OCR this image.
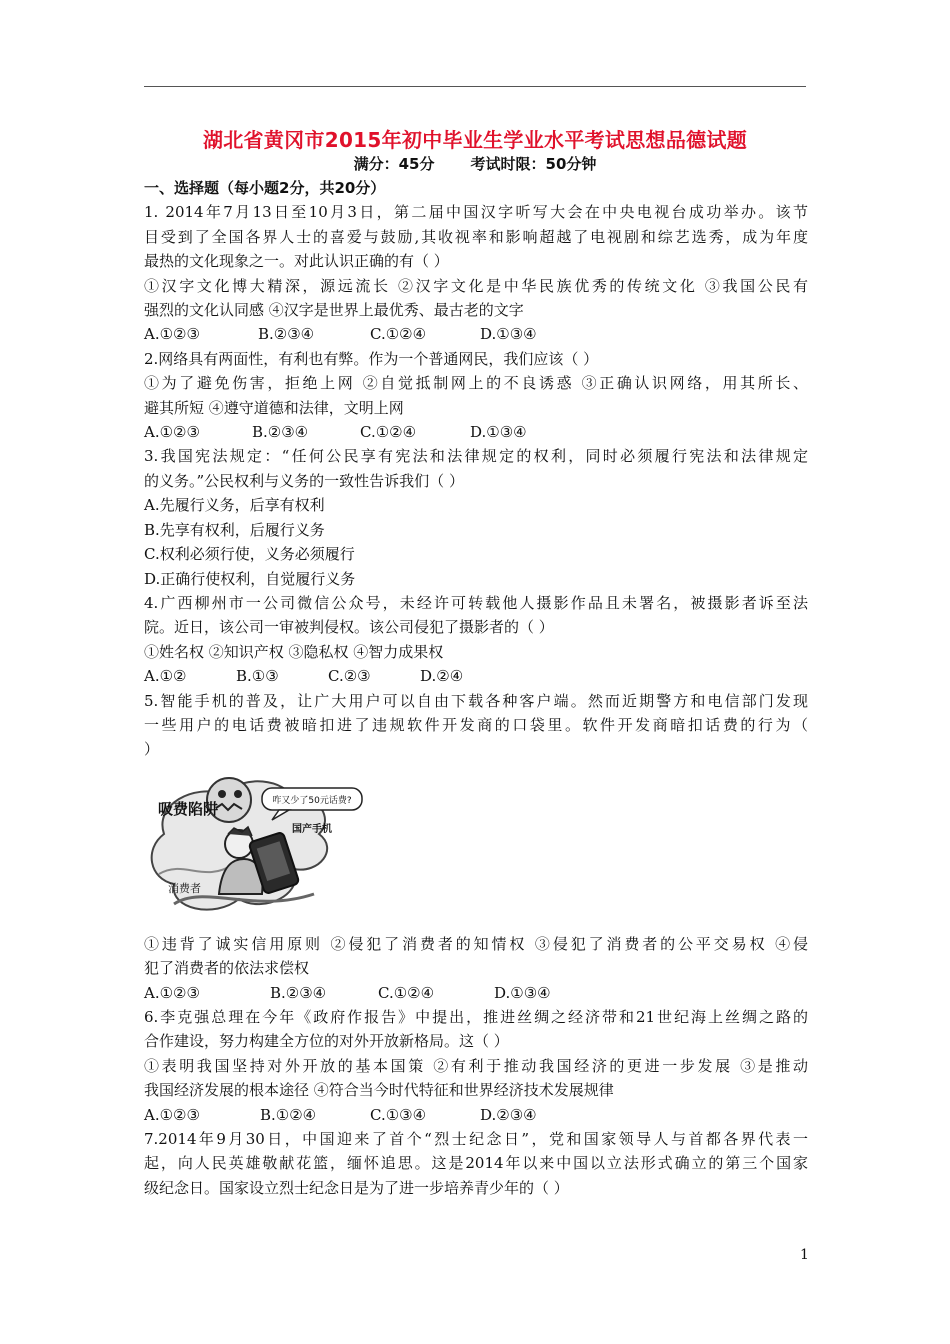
湖北省黄冈市2015年初中毕业生学业水平考试思想品德试题
满分：45分 考试时限：50分钟
一、选择题（每小题2分，共20分）
1. 2014年7月13日至10月3日，第二届中国汉字听写大会在中央电视台成功举办。该节
目受到了全国各界人士的喜爱与鼓励,其收视率和影响超越了电视剧和综艺选秀，成为年度
最热的文化现象之一。对此认识正确的有（ ）
①汉字文化博大精深，源远流长 ②汉字文化是中华民族优秀的传统文化 ③我国公民有
强烈的文化认同感 ④汉字是世界上最优秀、最古老的文字
A.①②③	B.②③④	C.①②④	D.①③④
2.网络具有两面性，有利也有弊。作为一个普通网民，我们应该（ ）
①为了避免伤害，拒绝上网 ②自觉抵制网上的不良诱惑 ③正确认识网络，用其所长、
避其所短 ④遵守道德和法律，文明上网
A.①②③	B.②③④	C.①②④	D.①③④
3.我国宪法规定：“任何公民享有宪法和法律规定的权利，同时必须履行宪法和法律规定
的义务。”公民权利与义务的一致性告诉我们（ ）
A.先履行义务，后享有权利
B.先享有权利，后履行义务
C.权利必须行使，义务必须履行
D.正确行使权利，自觉履行义务
4.广西柳州市一公司微信公众号，未经许可转载他人摄影作品且未署名，被摄影者诉至法
院。近日，该公司一审被判侵权。该公司侵犯了摄影者的（ ）
①姓名权 ②知识产权 ③隐私权 ④智力成果权
A.①②	B.①③	C.②③	D.②④
5.智能手机的普及，让广大用户可以自由下载各种客户端。然而近期警方和电信部门发现
一些用户的电话费被暗扣进了违规软件开发商的口袋里。软件开发商暗扣话费的行为（
）
咋又少了50元话费?
吸费陷阱
国产手机
消费者
①违背了诚实信用原则 ②侵犯了消费者的知情权 ③侵犯了消费者的公平交易权 ④侵
犯了消费者的依法求偿权
A.①②③	B.②③④	C.①②④	D.①③④
6.李克强总理在今年《政府作报告》中提出，推进丝绸之经济带和21世纪海上丝绸之路的
合作建设，努力构建全方位的对外开放新格局。这（ ）
①表明我国坚持对外开放的基本国策 ②有利于推动我国经济的更进一步发展 ③是推动
我国经济发展的根本途径 ④符合当今时代特征和世界经济技术发展规律
A.①②③	B.①②④	C.①③④	D.②③④
7.2014年9月30日，中国迎来了首个“烈士纪念日”，党和国家领导人与首都各界代表一
起，向人民英雄敬献花篮，缅怀追思。这是2014年以来中国以立法形式确立的第三个国家
级纪念日。国家设立烈士纪念日是为了进一步培养青少年的（ ）
1
